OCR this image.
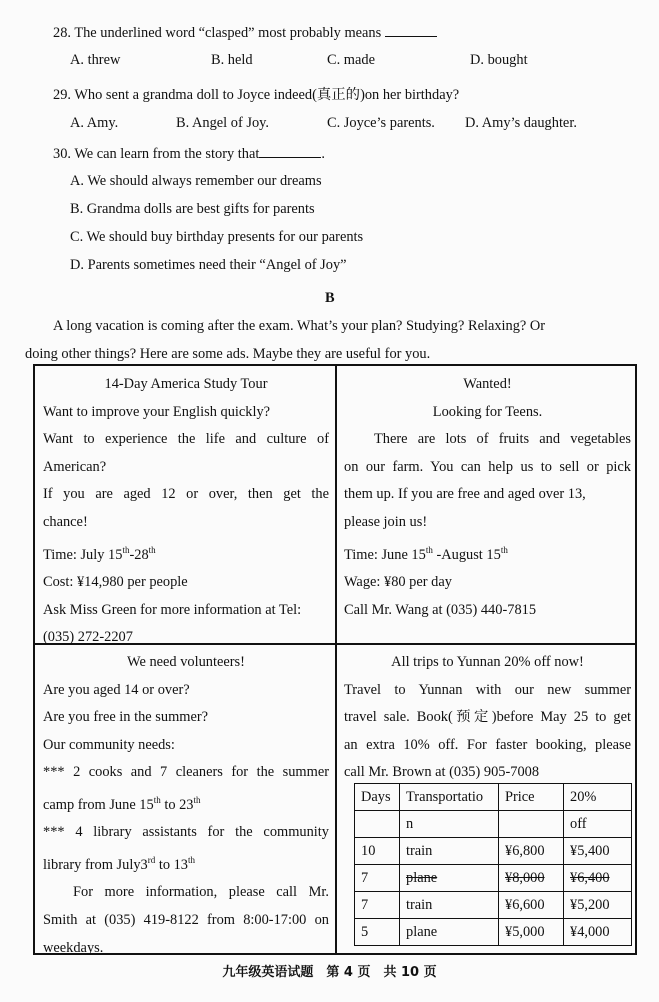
28. The underlined word “clasped” most probably means
A. threw	B. held	C. made	D. bought
29. Who sent a grandma doll to Joyce indeed(真正的)on her birthday?
A. Amy.	B. Angel of Joy.	C. Joyce’s parents. D. Amy’s daughter.
30. We can learn from the story that	.
A. We should always remember our dreams
B. Grandma dolls are best gifts for parents
C. We should buy birthday presents for our parents
D. Parents sometimes need their “Angel of Joy”
B
A long vacation is coming after the exam. What’s your plan? Studying? Relaxing? Or
doing other things? Here are some ads. Maybe they are useful for you.
14-Day America Study Tour
Want to improve your English quickly?
Want to experience the life and culture of
American?
If you are aged 12 or over, then get the
chance!
Time: July 15th-28th
Cost: ¥14,980 per people
Ask Miss Green for more information at Tel:
(035) 272-2207
Wanted!
Looking for Teens.
There are lots of fruits and vegetables
on our farm. You can help us to sell or pick
them up. If you are free and aged over 13,
please join us!
Time: June 15th -August 15th
Wage: ¥80 per day
Call Mr. Wang at (035) 440-7815
We need volunteers!
Are you aged 14 or over?
Are you free in the summer?
Our community needs:
*** 2 cooks and 7 cleaners for the summer
camp from June 15th to 23th
*** 4 library assistants for the community
library from July3rd to 13th
For more information, please call Mr.
Smith at (035) 419-8122 from 8:00-17:00 on
weekdays.
All trips to Yunnan 20% off now!
Travel to Yunnan with our new summer
travel sale. Book(预定)before May 25 to get
an extra 10% off. For faster booking, please
call Mr. Brown at (035) 905-7008
Days	Transportatio	Price	20%
	n		off
10	train	¥6,800	¥5,400
7	plane	¥8,000	¥6,400
7	train	¥6,600	¥5,200
5	plane	¥5,000	¥4,000
九年级英语试题　第 4 页　共 10 页
